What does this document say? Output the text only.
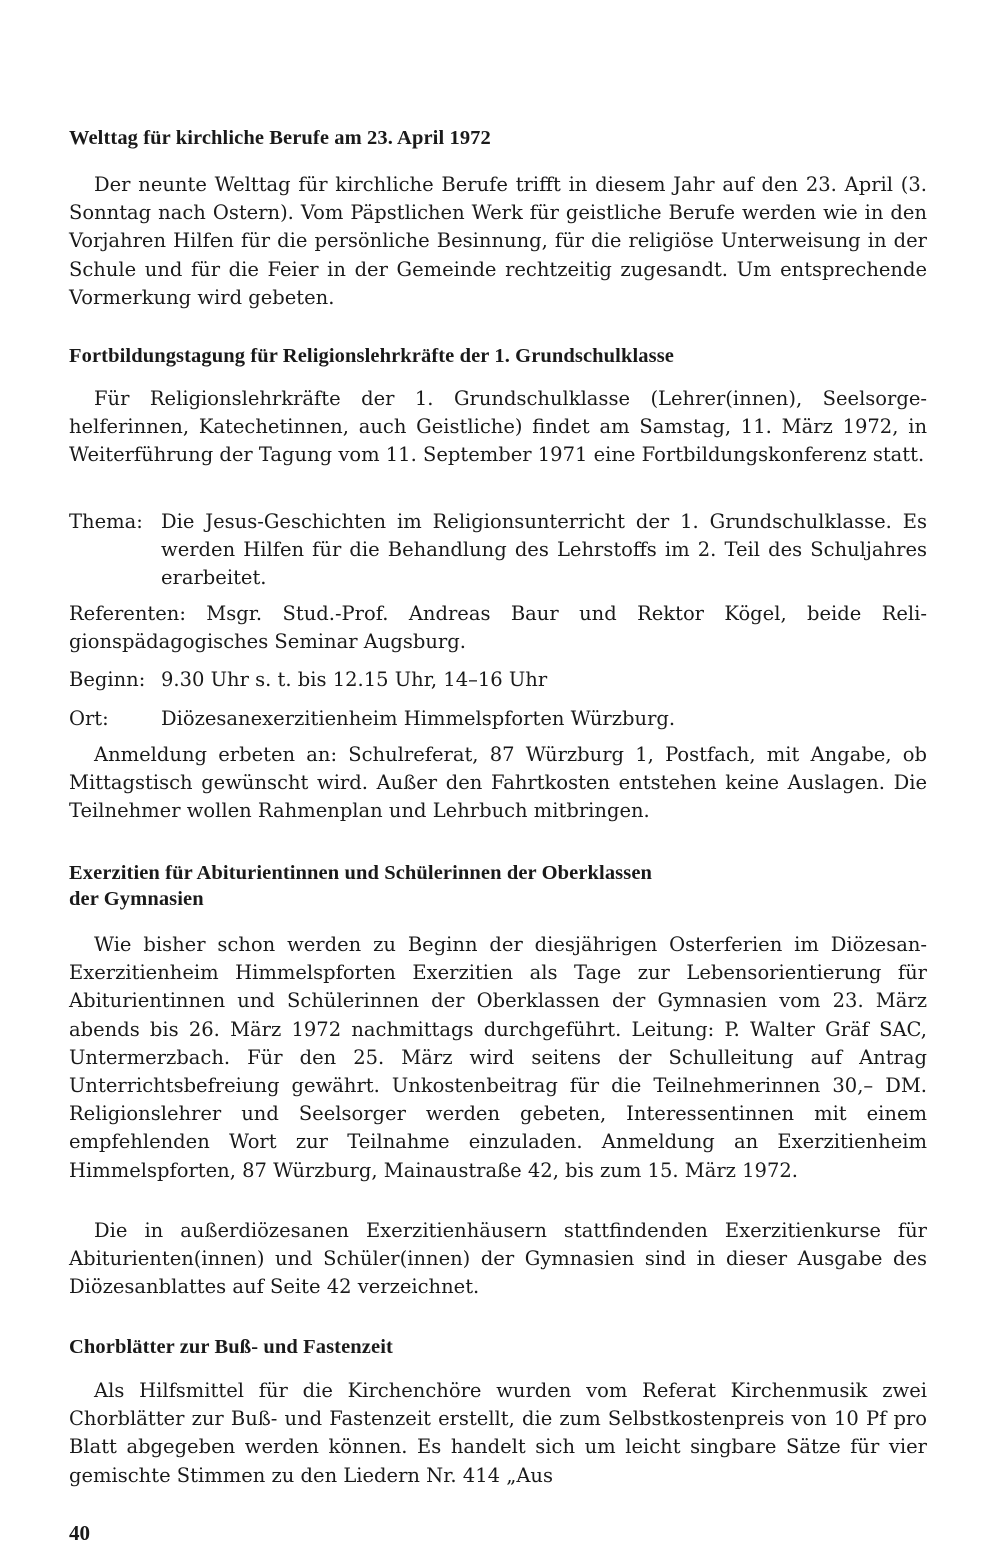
Welttag für kirchliche Berufe am 23. April 1972

Der neunte Welttag für kirchliche Berufe trifft in diesem Jahr auf den 23. April (3. Sonntag nach Ostern). Vom Päpstlichen Werk für geistliche Berufe werden wie in den Vorjahren Hilfen für die persönliche Besinnung, für die religiöse Unterweisung in der Schule und für die Feier in der Gemeinde rechtzeitig zugesandt. Um entsprechende Vormerkung wird gebeten.

Fortbildungstagung für Religionslehrkräfte der 1. Grundschulklasse

Für Religionslehrkräfte der 1. Grundschulklasse (Lehrer(innen), Seelsorgehelferinnen, Katechetinnen, auch Geistliche) findet am Samstag, 11. März 1972, in Weiterführung der Tagung vom 11. September 1971 eine Fortbildungskonferenz statt.

Thema: Die Jesus-Geschichten im Religionsunterricht der 1. Grundschulklasse. Es werden Hilfen für die Behandlung des Lehrstoffs im 2. Teil des Schuljahres erarbeitet.

Referenten: Msgr. Stud.-Prof. Andreas Baur und Rektor Kögel, beide Religionspädagogisches Seminar Augsburg.

Beginn: 9.30 Uhr s. t. bis 12.15 Uhr, 14–16 Uhr
Ort:	Diözesanexerzitienheim Himmelspforten Würzburg.

Anmeldung erbeten an: Schulreferat, 87 Würzburg 1, Postfach, mit Angabe, ob Mittagstisch gewünscht wird. Außer den Fahrtkosten entstehen keine Auslagen. Die Teilnehmer wollen Rahmenplan und Lehrbuch mitbringen.

Exerzitien für Abiturientinnen und Schülerinnen der Oberklassen
der Gymnasien

Wie bisher schon werden zu Beginn der diesjährigen Osterferien im Diözesan-Exerzitienheim Himmelspforten Exerzitien als Tage zur Lebensorientierung für Abiturientinnen und Schülerinnen der Oberklassen der Gymnasien vom 23. März abends bis 26. März 1972 nachmittags durchgeführt. Leitung: P. Walter Gräf SAC, Untermerzbach. Für den 25. März wird seitens der Schulleitung auf Antrag Unterrichtsbefreiung gewährt. Unkostenbeitrag für die Teilnehmerinnen 30,– DM. Religionslehrer und Seelsorger werden gebeten, Interessentinnen mit einem empfehlenden Wort zur Teilnahme einzuladen. Anmeldung an Exerzitienheim Himmelspforten, 87 Würzburg, Mainaustraße 42, bis zum 15. März 1972.

Die in außerdiözesanen Exerzitienhäusern stattfindenden Exerzitienkurse für Abiturienten(innen) und Schüler(innen) der Gymnasien sind in dieser Ausgabe des Diözesanblattes auf Seite 42 verzeichnet.

Chorblätter zur Buß- und Fastenzeit

Als Hilfsmittel für die Kirchenchöre wurden vom Referat Kirchenmusik zwei Chorblätter zur Buß- und Fastenzeit erstellt, die zum Selbstkostenpreis von 10 Pf pro Blatt abgegeben werden können. Es handelt sich um leicht singbare Sätze für vier gemischte Stimmen zu den Liedern Nr. 414 „Aus

40
